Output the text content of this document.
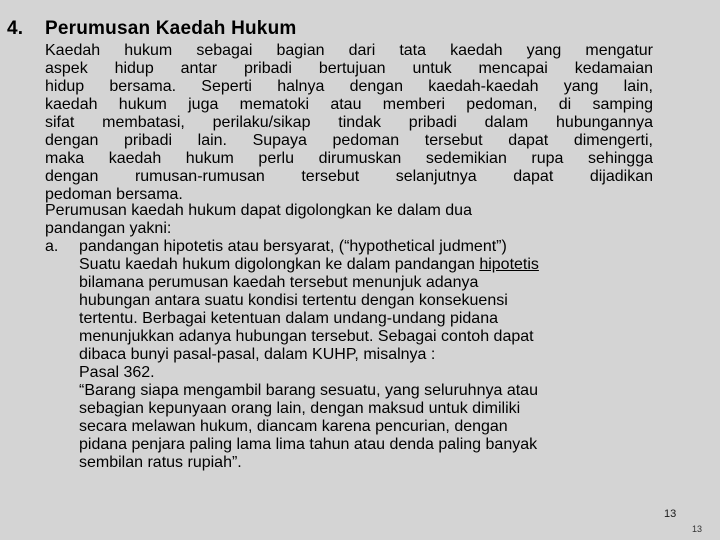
4. Perumusan Kaedah Hukum
Kaedah hukum sebagai bagian dari tata kaedah yang mengatur
aspek hidup antar pribadi bertujuan untuk mencapai kedamaian
hidup bersama. Seperti halnya dengan kaedah-kaedah yang lain,
kaedah hukum juga mematoki atau memberi pedoman, di samping
sifat membatasi, perilaku/sikap tindak pribadi dalam hubungannya
dengan pribadi lain. Supaya pedoman tersebut dapat dimengerti,
maka kaedah hukum perlu dirumuskan sedemikian rupa sehingga
dengan rumusan-rumusan tersebut selanjutnya dapat dijadikan
pedoman bersama.
Perumusan kaedah hukum dapat digolongkan ke dalam dua
pandangan yakni:
a. pandangan hipotetis atau bersyarat, (“hypothetical judment”)
Suatu kaedah hukum digolongkan ke dalam pandangan hipotetis
bilamana perumusan kaedah tersebut menunjuk adanya
hubungan antara suatu kondisi tertentu dengan konsekuensi
tertentu. Berbagai ketentuan dalam undang-undang pidana
menunjukkan adanya hubungan tersebut. Sebagai contoh dapat
dibaca bunyi pasal-pasal, dalam KUHP, misalnya :
Pasal 362.
“Barang siapa mengambil barang sesuatu, yang seluruhnya atau
sebagian kepunyaan orang lain, dengan maksud untuk dimiliki
secara melawan hukum, diancam karena pencurian, dengan
pidana penjara paling lama lima tahun atau denda paling banyak
sembilan ratus rupiah”.
13
13
